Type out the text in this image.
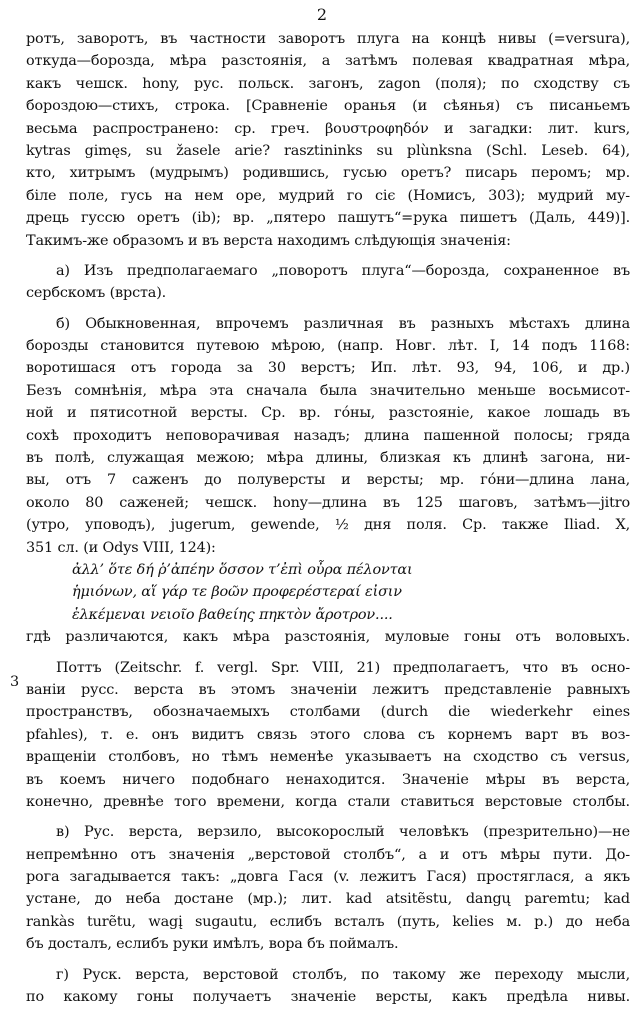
2
3
ротъ, заворотъ, въ частности заворотъ плуга на концѣ нивы (=versura),
откуда—борозда, мѣра разстоянія, а затѣмъ полевая квадратная мѣра,
какъ чешск. hony, рус. польск. загонъ, zagon (поля); по сходству съ
бороздою—стихъ, строка. [Сравненіе оранья (и сѣянья) съ писаньемъ
весьма распространено: ср. греч. βουστροφηδόν и загадки: лит. kurs,
kytras gimęs, su žasele arie? rasztininks su plùnksna (Schl. Leseb. 64),
кто, хитрымъ (мудрымъ) родившись, гусью оретъ? писарь перомъ; мр.
біле поле, гусь на нем оре, мудрий го сіє (Номисъ, 303); мудрий му-
дрець гуссю оретъ (ib); вр. „пятеро пашутъ“=рука пишетъ (Даль, 449)].
Такимъ-же образомъ и въ верста находимъ слѣдующія значенія:
а) Изъ предполагаемаго „поворотъ плуга“—борозда, сохраненное въ
сербскомъ (врста).
б) Обыкновенная, впрочемъ различная въ разныхъ мѣстахъ длина
борозды становится путевою мѣрою, (напр. Новг. лѣт. I, 14 подъ 1168:
воротишася отъ города за 30 верстъ; Ип. лѣт. 93, 94, 106, и др.)
Безъ сомнѣнія, мѣра эта сначала была значительно меньше восьмисот-
ной и пятисотной версты. Ср. вр. гóны, разстояніе, какое лошадь въ
сохѣ проходитъ неповорачивая назадъ; длина пашенной полосы; гряда
въ полѣ, служащая межою; мѣра длины, близкая къ длинѣ загона, ни-
вы, отъ 7 саженъ до полуверсты и версты; мр. гóни—длина лана,
около 80 саженей; чешск. hony—длина въ 125 шаговъ, затѣмъ—jitro
(утро, уповодъ), jugerum, gewende, ½ дня поля. Ср. также Iliad. X,
351 сл. (и Odys VIII, 124):
ἀλλ’ ὅτε δή ῥ’ἀπέην ὅσσον τ’ἐπὶ οὖρα πέλονται
ἡμιόνων, αἵ γάρ τε βοῶν προφερέστεραί εἰσιν
ἑλκέμεναι νειοῖο βαθείης πηκτὸν ἄροτρον....
гдѣ различаются, какъ мѣра разстоянія, муловые гоны отъ воловыхъ.
Поттъ (Zeitschr. f. vergl. Spr. VIII, 21) предполагаетъ, что въ осно-
ваніи русс. верста въ этомъ значеніи лежитъ представленіе равныхъ
пространствъ, обозначаемыхъ столбами (durch die wiederkehr eines
pfahles), т. е. онъ видитъ связь этого слова съ корнемъ варт въ воз-
вращеніи столбовъ, но тѣмъ неменѣе указываетъ на сходство съ versus,
въ коемъ ничего подобнаго ненаходится. Значеніе мѣры въ верста,
конечно, древнѣе того времени, когда стали ставиться верстовые столбы.
в) Рус. верста, верзило, высокорослый человѣкъ (презрительно)—не
непремѣнно отъ значенія „верстовой столбъ“, а и отъ мѣры пути. До-
рога загадывается такъ: „довга Гася (v. лежитъ Гася) простяглася, а якъ
устане, до неба достане (мр.); лит. kad atsitẽstu, dangų paremtu; kad
rankàs turẽtu, wagį sugautu, еслибъ всталъ (путь, kelies м. р.) до неба
бъ досталъ, еслибъ руки имѣлъ, вора бъ поймалъ.
г) Руск. верста, верстовой столбъ, по такому же переходу мысли,
по какому гоны получаетъ значеніе версты, какъ предѣла нивы.
